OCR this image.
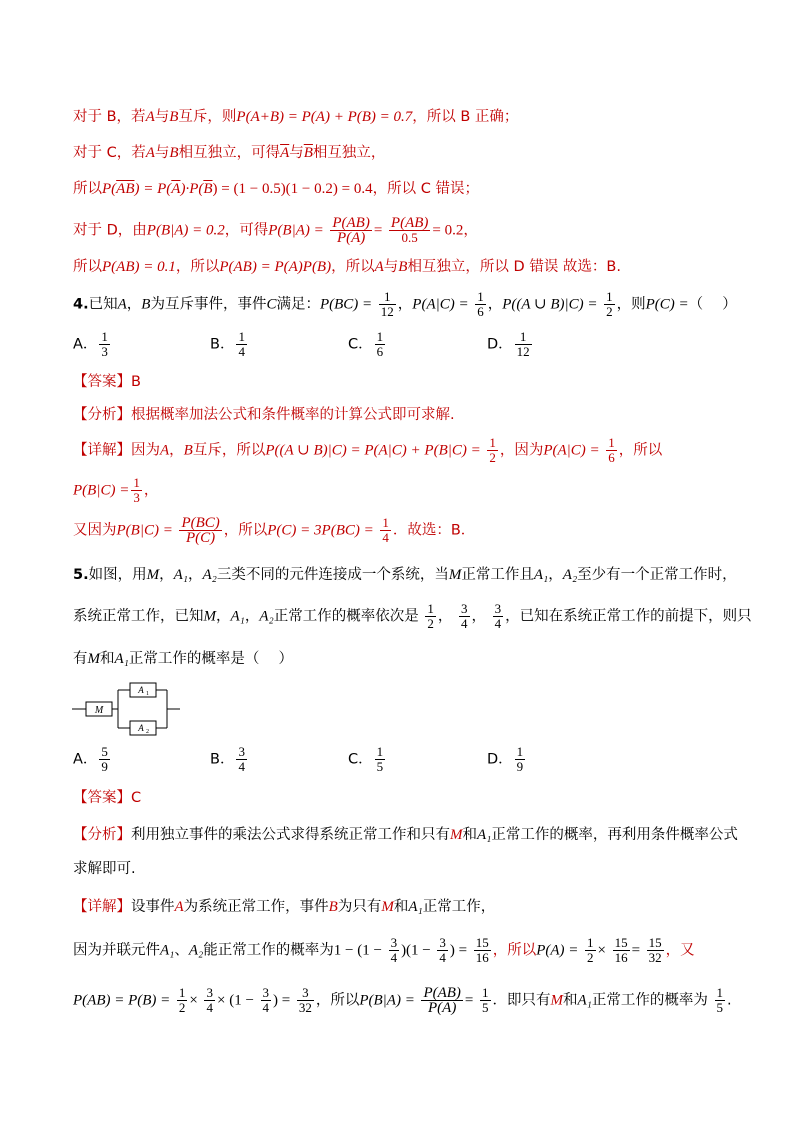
对于 B，若A与B互斥，则P(A+B) = P(A) + P(B) = 0.7，所以 B 正确；
对于 C，若A与B相互独立，可得$\overline{A}$与$\overline{B}$相互独立，
所以$P(\overline{AB}) = P(\overline{A})\cdot P(\overline{B}) = (1 - 0.5)(1 - 0.2) = 0.4$，所以 C 错误；
对于 D，由P(B|A) = 0.2，可得$P(B|A) = \frac{P(AB)}{P(A)} = \frac{P(AB)}{0.5} = 0.2$，
所以P(AB) = 0.1，所以P(AB) = P(A)P(B)，所以A与B相互独立，所以 D 错误 故选：B.
4.已知A，B为互斥事件，事件C满足：$P(BC) = \frac{1}{12}$ ，$P(A|C) = \frac{1}{6}$ ，P((A ∪ $B)|C) = \frac{1}{2}$ ，则P(C) =（　 ）
A． $\frac{1}{3}$	B． $\frac{1}{4}$	C． $\frac{1}{6}$	D． $\frac{1}{12}$
【答案】B
【分析】根据概率加法公式和条件概率的计算公式即可求解.
【详解】因为A，B互斥，所以P((A ∪ $B)|C) = P(A|C) + P(B|C) = \frac{1}{2}$ ，因为$P(A|C) = \frac{1}{6}$ ，所以
$P(B|C) = \frac{1}{3}$ ，
又因为$P(B|C) = \frac{P(BC)}{P(C)}$ ，所以$P(C) = 3P(BC) = \frac{1}{4}$ ．故选：B．
5.如图，用M，A₁，A₂三类不同的元件连接成一个系统，当M正常工作且A₁，A₂至少有一个正常工作时，
系统正常工作，已知M，A₁，A₂正常工作的概率依次是 $\frac{1}{2}$ ， $\frac{3}{4}$ ， $\frac{3}{4}$ ，已知在系统正常工作的前提下，则只
有M和A₁正常工作的概率是（　 ）
M
A 1
A 2
A． $\frac{5}{9}$	B． $\frac{3}{4}$	C． $\frac{1}{5}$	D． $\frac{1}{9}$
【答案】C
【分析】利用独立事件的乘法公式求得系统正常工作和只有M和A₁正常工作的概率，再利用条件概率公式
求解即可.
【详解】设事件A为系统正常工作，事件B为只有M和A₁正常工作，
因为并联元件A₁、A₂能正常工作的概率为$1 - (1 - \frac{3}{4} )(1 - \frac{3}{4}$ ) = $\frac{15}{16}$ ，所以$P(A) = \frac{1}{2} \times \frac{15}{16} = \frac{15}{32}$ ，又
$P(AB) = P(B) = \frac{1}{2} \times \frac{3}{4} \times (1 - \frac{3}{4}$ ) = $\frac{3}{32}$ ，所以$P(B|A) = \frac{P(AB)}{P(A)} = \frac{1}{5}$ ．即只有M和A₁正常工作的概率为 $\frac{1}{5}$ .
